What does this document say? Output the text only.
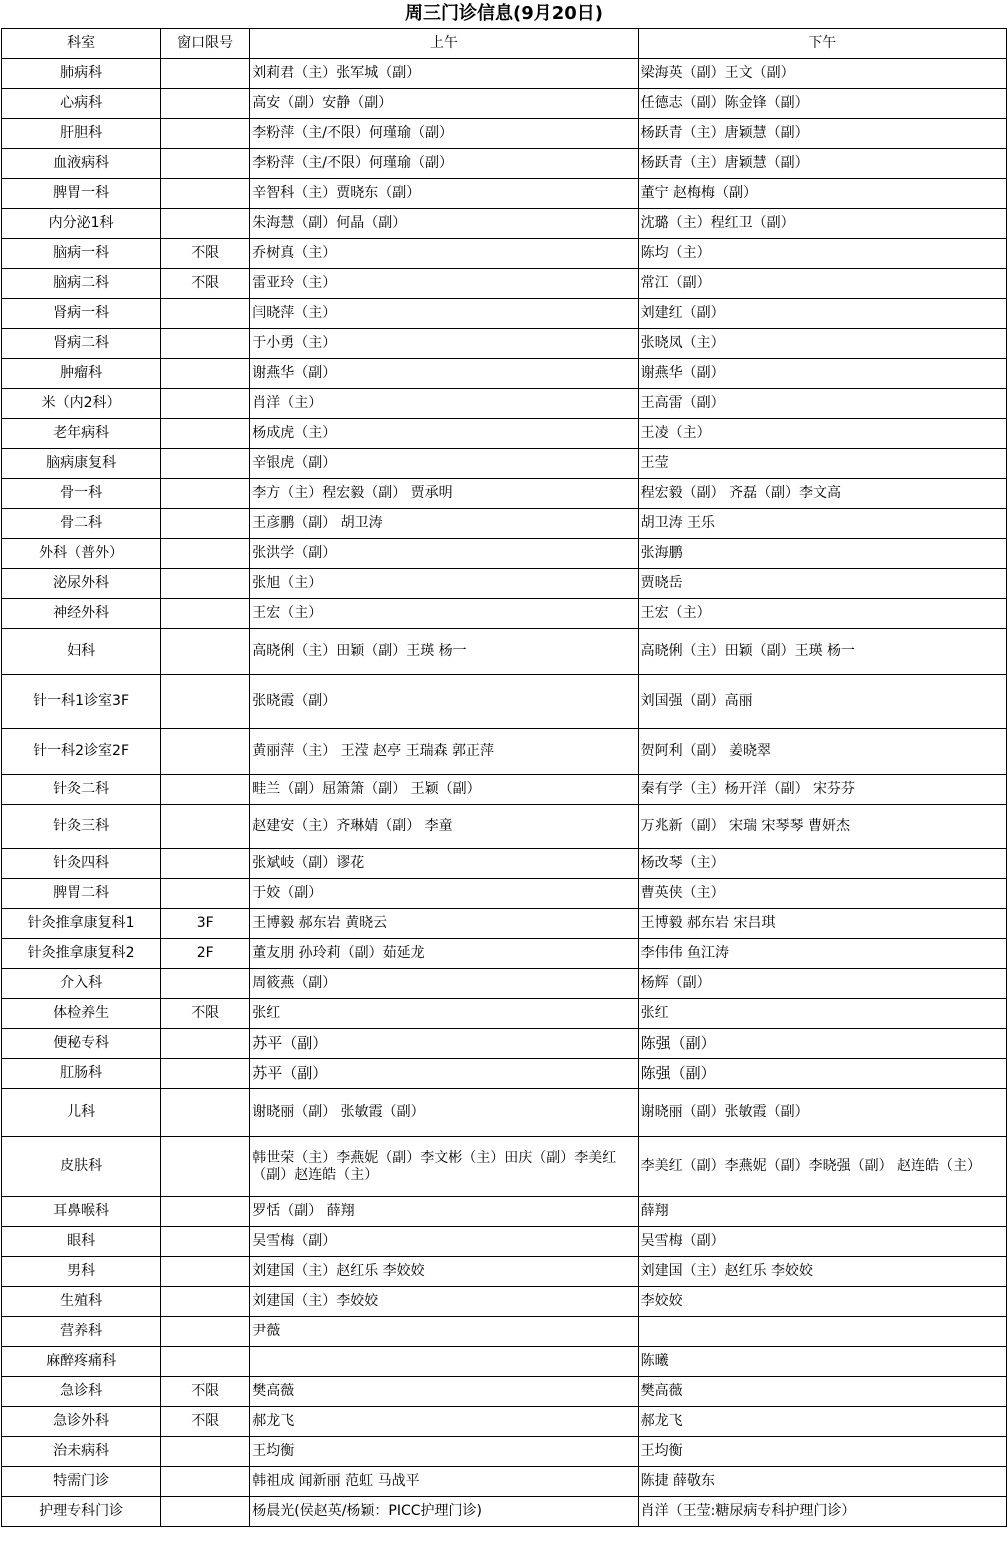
周三门诊信息(9月20日)
科室	窗口限号	上午	下午
肺病科		刘莉君（主）张军城（副）	梁海英（副）王文（副）
心病科		高安（副）安静（副）	任德志（副）陈金锋（副）
肝胆科		李粉萍（主/不限）何瑾瑜（副）	杨跃青（主）唐颖慧（副）
血液病科		李粉萍（主/不限）何瑾瑜（副）	杨跃青（主）唐颖慧（副）
脾胃一科		辛智科（主）贾晓东（副）	董宁 赵梅梅（副）
内分泌1科		朱海慧（副）何晶（副）	沈璐（主）程红卫（副）
脑病一科	不限	乔树真（主）	陈均（主）
脑病二科	不限	雷亚玲（主）	常江（副）
肾病一科		闫晓萍（主）	刘建红（副）
肾病二科		于小勇（主）	张晓凤（主）
肿瘤科		谢燕华（副）	谢燕华（副）
米（内2科）		肖洋（主）	王高雷（副）
老年病科		杨成虎（主）	王凌（主）
脑病康复科		辛银虎（副）	王莹
骨一科		李方（主）程宏毅（副） 贾承明	程宏毅（副） 齐磊（副）李文高
骨二科		王彦鹏（副） 胡卫涛	胡卫涛 王乐
外科（普外）		张洪学（副）	张海鹏
泌尿外科		张旭（主）	贾晓岳
神经外科		王宏（主）	王宏（主）
妇科		高晓俐（主）田颖（副）王瑛 杨一	高晓俐（主）田颖（副）王瑛 杨一
针一科1诊室3F		张晓霞（副）	刘国强（副）高丽
针一科2诊室2F		黄丽萍（主） 王滢 赵亭 王瑞森 郭正萍	贺阿利（副） 姜晓翠
针灸二科		畦兰（副）屈箫箫（副） 王颖（副）	秦有学（主）杨开洋（副） 宋芬芬
针灸三科		赵建安（主）齐琳婧（副） 李童	万兆新（副） 宋瑞 宋琴琴 曹妍杰
针灸四科		张斌岐（副）谬花	杨改琴（主）
脾胃二科		于姣（副）	曹英侠（主）
针灸推拿康复科1	3F	王博毅 郝东岩 黄晓云	王博毅 郝东岩 宋吕琪
针灸推拿康复科2	2F	董友朋 孙玲莉（副）茹延龙	李伟伟 鱼江涛
介入科		周筱燕（副）	杨辉（副）
体检养生	不限	张红	张红
便秘专科		苏平（副）	陈强（副）
肛肠科		苏平（副）	陈强（副）
儿科		谢晓丽（副） 张敏霞（副）	谢晓丽（副）张敏霞（副）
皮肤科		韩世荣（主）李燕妮（副）李文彬（主）田庆（副）李美红（副）赵连皓（主）	李美红（副）李燕妮（副）李晓强（副） 赵连皓（主）
耳鼻喉科		罗恬（副） 薛翔	薛翔
眼科		吴雪梅（副）	吴雪梅（副）
男科		刘建国（主）赵红乐 李姣姣	刘建国（主）赵红乐 李姣姣
生殖科		刘建国（主）李姣姣	李姣姣
营养科		尹薇	
麻醉疼痛科			陈曦
急诊科	不限	樊高薇	樊高薇
急诊外科	不限	郝龙飞	郝龙飞
治未病科		王均衡	王均衡
特需门诊		韩祖成 闻新丽 范虹 马战平	陈捷 薛敬东
护理专科门诊		杨晨光(侯赵英/杨颖：PICC护理门诊)	肖洋（王莹:糖尿病专科护理门诊）
